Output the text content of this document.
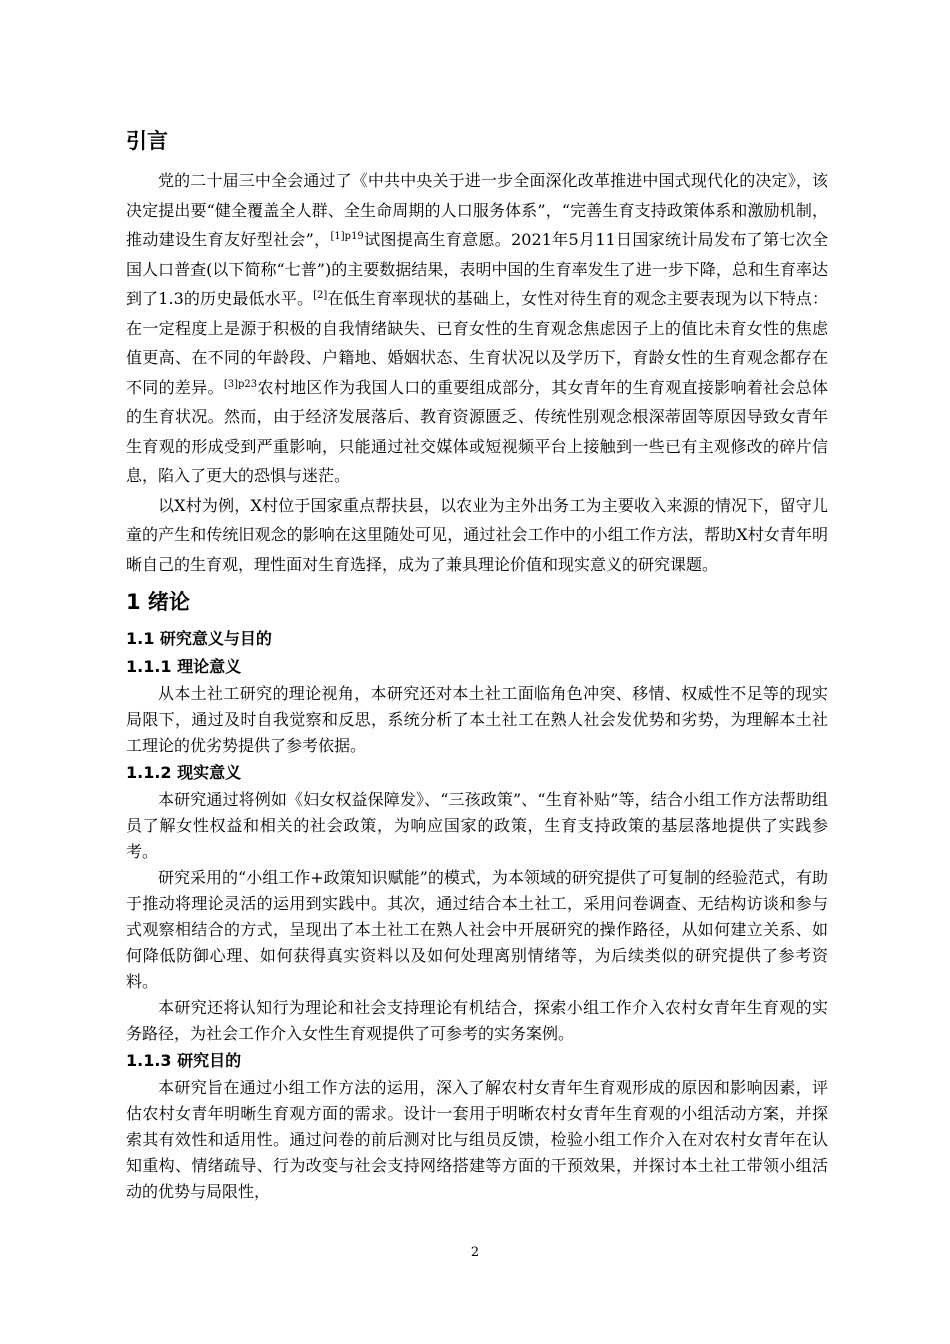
引言

党的二十届三中全会通过了《中共中央关于进一步全面深化改革推进中国式现代化的决定》，该决定提出要“健全覆盖全人群、全生命周期的人口服务体系”，“完善生育支持政策体系和激励机制，推动建设生育友好型社会”，$^{[1]p19}$试图提高生育意愿。2021年5月11日国家统计局发布了第七次全国人口普查(以下简称“七普”)的主要数据结果，表明中国的生育率发生了进一步下降，总和生育率达到了1.3的历史最低水平。[2]在低生育率现状的基础上，女性对待生育的观念主要表现为以下特点：在一定程度上是源于积极的自我情绪缺失、已育女性的生育观念焦虑因子上的值比未育女性的焦虑值更高、在不同的年龄段、户籍地、婚姻状态、生育状况以及学历下，育龄女性的生育观念都存在不同的差异。$^{[3]p23}$农村地区作为我国人口的重要组成部分，其女青年的生育观直接影响着社会总体的生育状况。然而，由于经济发展落后、教育资源匮乏、传统性别观念根深蒂固等原因导致女青年生育观的形成受到严重影响，只能通过社交媒体或短视频平台上接触到一些已有主观修改的碎片信息，陷入了更大的恐惧与迷茫。

以X村为例，X村位于国家重点帮扶县，以农业为主外出务工为主要收入来源的情况下，留守儿童的产生和传统旧观念的影响在这里随处可见，通过社会工作中的小组工作方法，帮助X村女青年明晰自己的生育观，理性面对生育选择，成为了兼具理论价值和现实意义的研究课题。

1 绪论
1.1 研究意义与目的
1.1.1 理论意义

从本土社工研究的理论视角，本研究还对本土社工面临角色冲突、移情、权威性不足等的现实局限下，通过及时自我觉察和反思，系统分析了本土社工在熟人社会发优势和劣势，为理解本土社工理论的优劣势提供了参考依据。

1.1.2 现实意义

本研究通过将例如《妇女权益保障发》、“三孩政策”、“生育补贴”等，结合小组工作方法帮助组员了解女性权益和相关的社会政策，为响应国家的政策，生育支持政策的基层落地提供了实践参考。

研究采用的“小组工作+政策知识赋能”的模式，为本领域的研究提供了可复制的经验范式，有助于推动将理论灵活的运用到实践中。其次，通过结合本土社工，采用问卷调查、无结构访谈和参与式观察相结合的方式，呈现出了本土社工在熟人社会中开展研究的操作路径，从如何建立关系、如何降低防御心理、如何获得真实资料以及如何处理离别情绪等，为后续类似的研究提供了参考资料。

本研究还将认知行为理论和社会支持理论有机结合，探索小组工作介入农村女青年生育观的实务路径，为社会工作介入女性生育观提供了可参考的实务案例。

1.1.3 研究目的

本研究旨在通过小组工作方法的运用，深入了解农村女青年生育观形成的原因和影响因素，评估农村女青年明晰生育观方面的需求。设计一套用于明晰农村女青年生育观的小组活动方案，并探索其有效性和适用性。通过问卷的前后测对比与组员反馈，检验小组工作介入在对农村女青年在认知重构、情绪疏导、行为改变与社会支持网络搭建等方面的干预效果，并探讨本土社工带领小组活动的优势与局限性，

2
